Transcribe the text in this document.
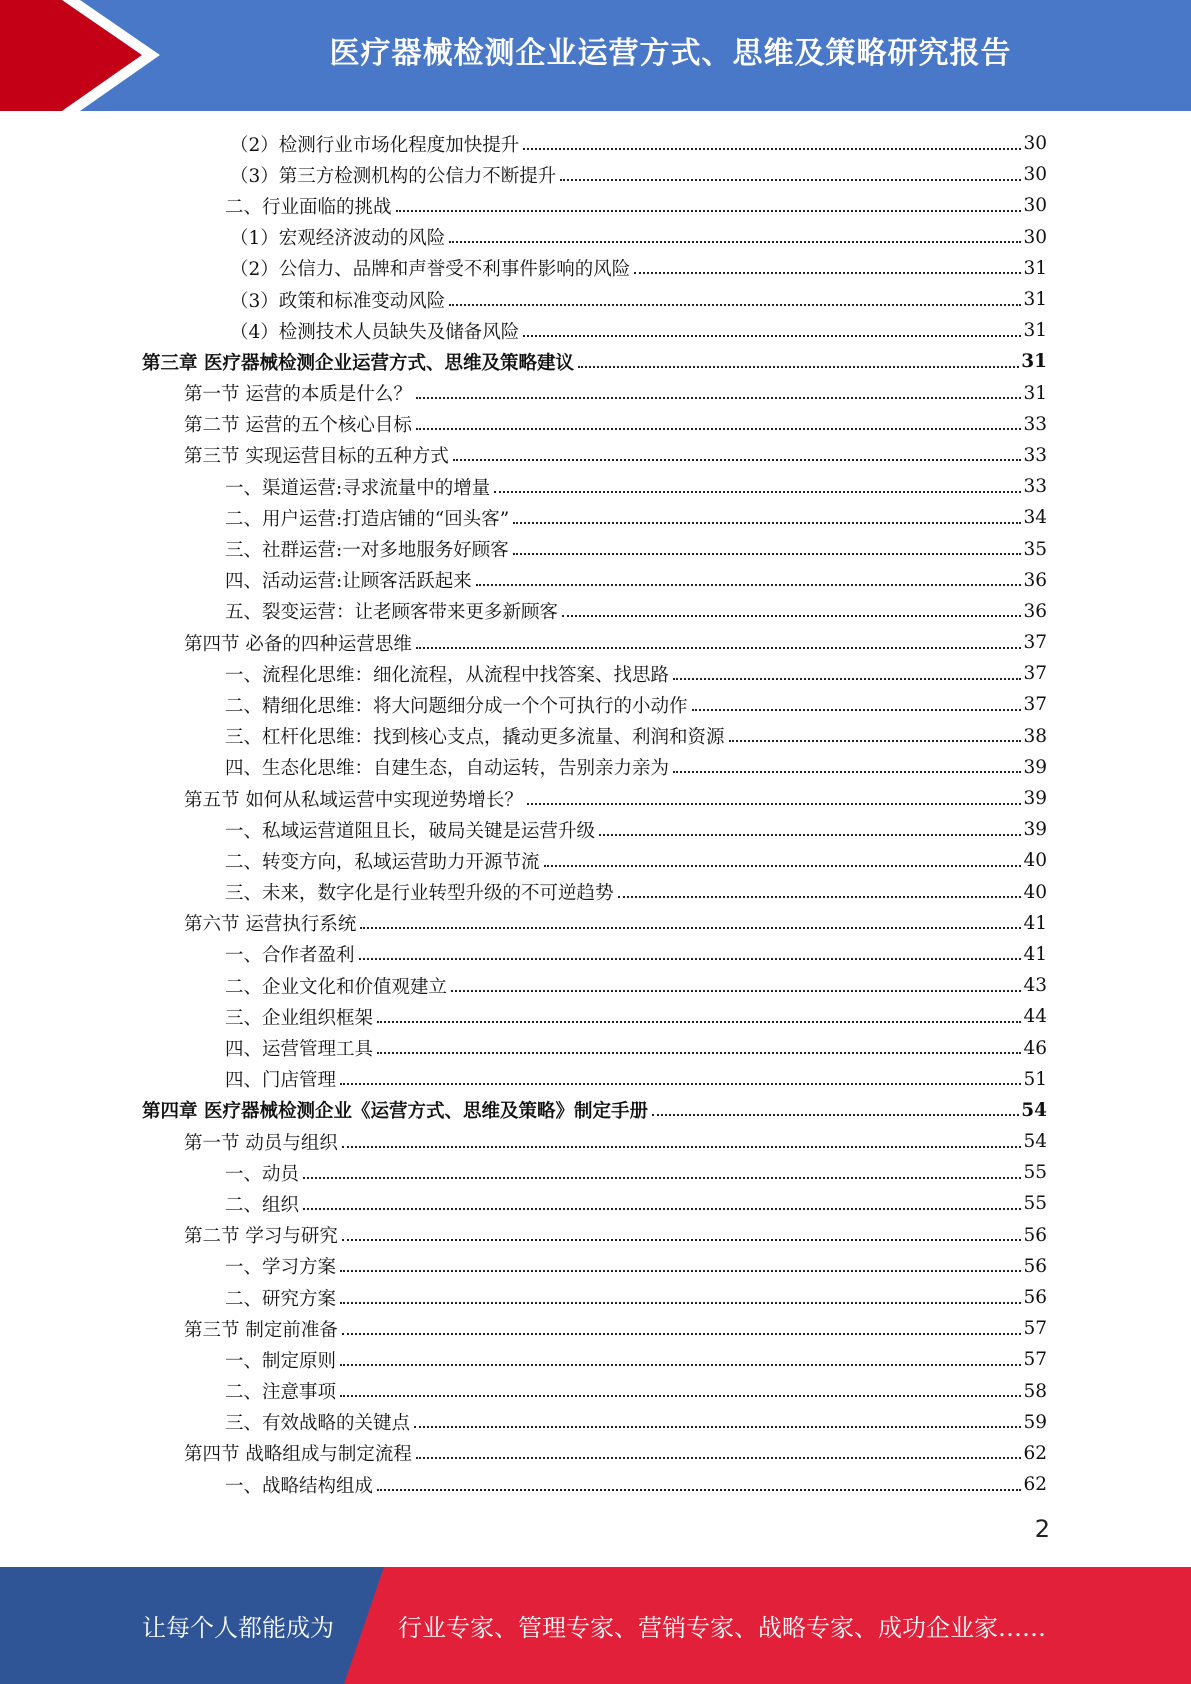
医疗器械检测企业运营方式、思维及策略研究报告
（2）检测行业市场化程度加快提升	30
（3）第三方检测机构的公信力不断提升	30
二、行业面临的挑战	30
（1）宏观经济波动的风险	30
（2）公信力、品牌和声誉受不利事件影响的风险	31
（3）政策和标准变动风险	31
（4）检测技术人员缺失及储备风险	31
第三章 医疗器械检测企业运营方式、思维及策略建议	31
第一节 运营的本质是什么？	31
第二节 运营的五个核心目标	33
第三节 实现运营目标的五种方式	33
一、渠道运营:寻求流量中的增量	33
二、用户运营:打造店铺的“回头客”	34
三、社群运营:一对多地服务好顾客	35
四、活动运营:让顾客活跃起来	36
五、裂变运营：让老顾客带来更多新顾客	36
第四节 必备的四种运营思维	37
一、流程化思维：细化流程，从流程中找答案、找思路	37
二、精细化思维：将大问题细分成一个个可执行的小动作	37
三、杠杆化思维：找到核心支点，撬动更多流量、利润和资源	38
四、生态化思维：自建生态，自动运转，告别亲力亲为	39
第五节 如何从私域运营中实现逆势增长？	39
一、私域运营道阻且长，破局关键是运营升级	39
二、转变方向，私域运营助力开源节流	40
三、未来，数字化是行业转型升级的不可逆趋势	40
第六节 运营执行系统	41
一、合作者盈利	41
二、企业文化和价值观建立	43
三、企业组织框架	44
四、运营管理工具	46
四、门店管理	51
第四章 医疗器械检测企业《运营方式、思维及策略》制定手册	54
第一节 动员与组织	54
一、动员	55
二、组织	55
第二节 学习与研究	56
一、学习方案	56
二、研究方案	56
第三节 制定前准备	57
一、制定原则	57
二、注意事项	58
三、有效战略的关键点	59
第四节 战略组成与制定流程	62
一、战略结构组成	62
2
让每个人都能成为	行业专家、管理专家、营销专家、战略专家、成功企业家……
